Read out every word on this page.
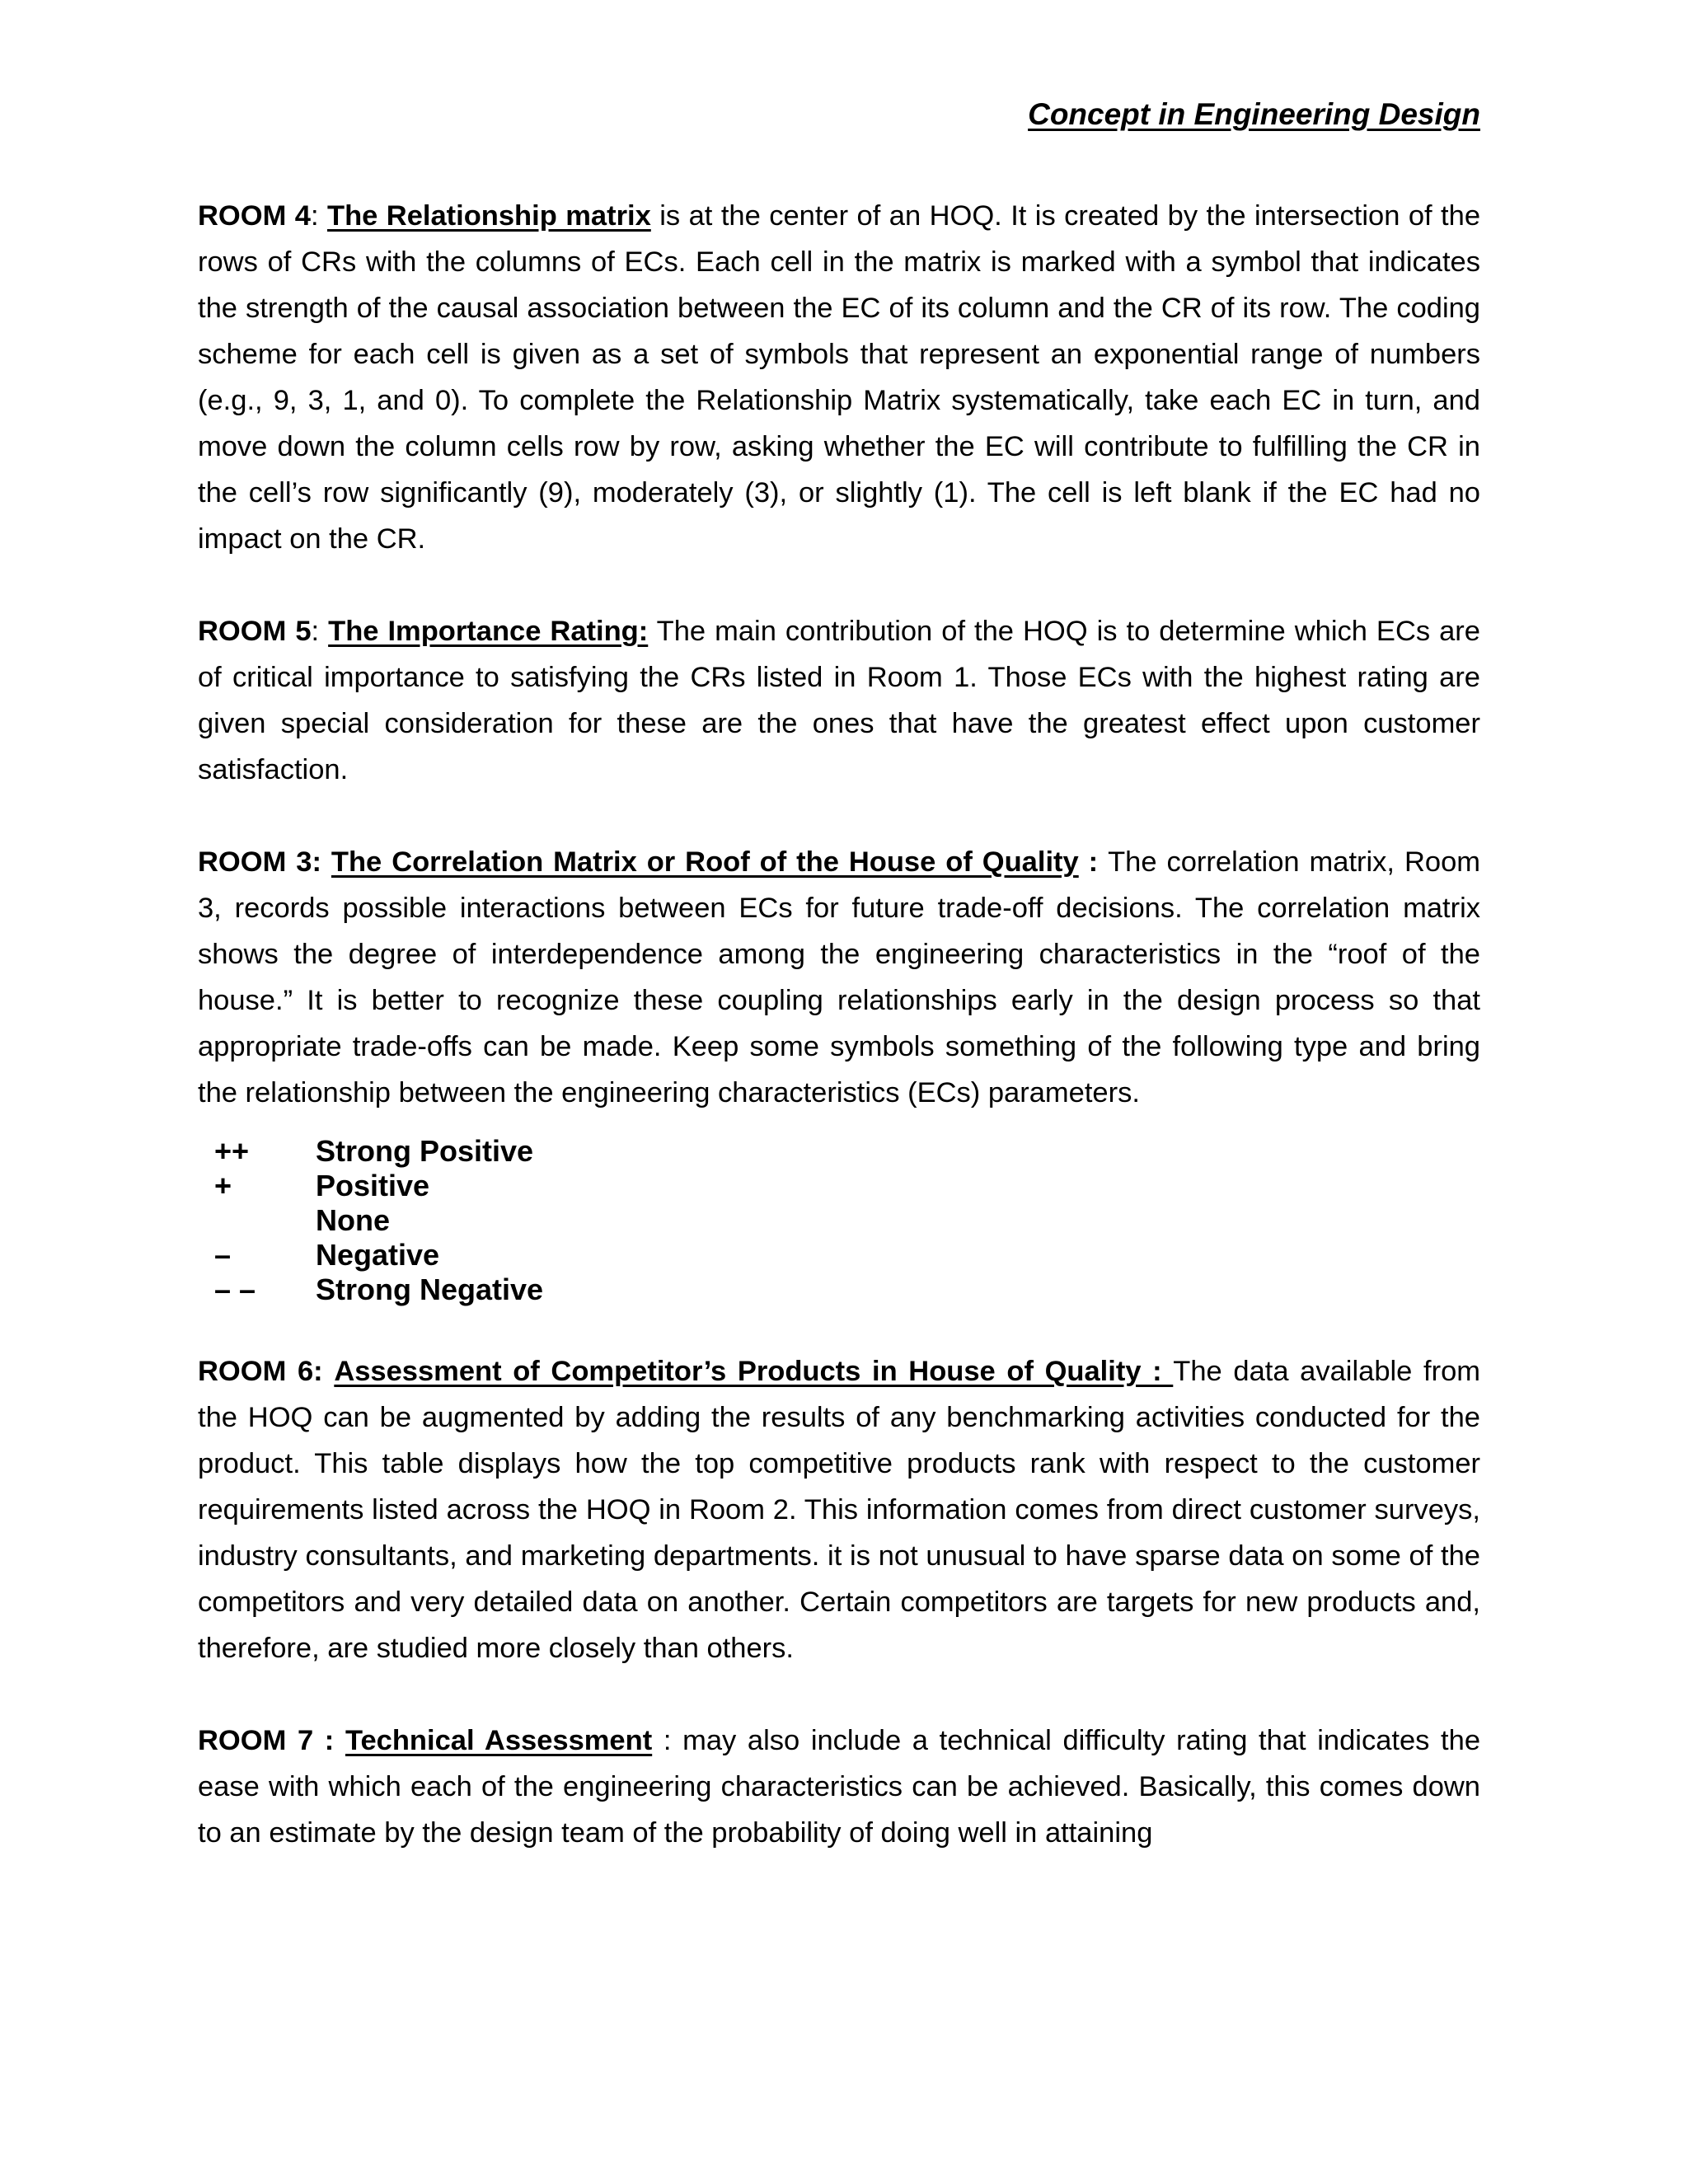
Concept in Engineering Design

ROOM 4: The Relationship matrix is at the center of an HOQ. It is created by the intersection of the rows of CRs with the columns of ECs. Each cell in the matrix is marked with a symbol that indicates the strength of the causal association between the EC of its column and the CR of its row. The coding scheme for each cell is given as a set of symbols that represent an exponential range of numbers (e.g., 9, 3, 1, and 0). To complete the Relationship Matrix systematically, take each EC in turn, and move down the column cells row by row, asking whether the EC will contribute to fulfilling the CR in the cell’s row significantly (9), moderately (3), or slightly (1). The cell is left blank if the EC had no impact on the CR.

ROOM 5: The Importance Rating: The main contribution of the HOQ is to determine which ECs are of critical importance to satisfying the CRs listed in Room 1. Those ECs with the highest rating are given special consideration for these are the ones that have the greatest effect upon customer satisfaction.

ROOM 3: The Correlation Matrix or Roof of the House of Quality : The correlation matrix, Room 3, records possible interactions between ECs for future trade-off decisions. The correlation matrix shows the degree of interdependence among the engineering characteristics in the “roof of the house.” It is better to recognize these coupling relationships early in the design process so that appropriate trade-offs can be made. Keep some symbols something of the following type and bring the relationship between the engineering characteristics (ECs) parameters.

++	Strong Positive
+	Positive
None
–	Negative
– –	Strong Negative

ROOM 6: Assessment of Competitor’s Products in House of Quality : The data available from the HOQ can be augmented by adding the results of any benchmarking activities conducted for the product. This table displays how the top competitive products rank with respect to the customer requirements listed across the HOQ in Room 2. This information comes from direct customer surveys, industry consultants, and marketing departments. it is not unusual to have sparse data on some of the competitors and very detailed data on another. Certain competitors are targets for new products and, therefore, are studied more closely than others.

ROOM 7 : Technical Assessment : may also include a technical difficulty rating that indicates the ease with which each of the engineering characteristics can be achieved. Basically, this comes down to an estimate by the design team of the probability of doing well in attaining
